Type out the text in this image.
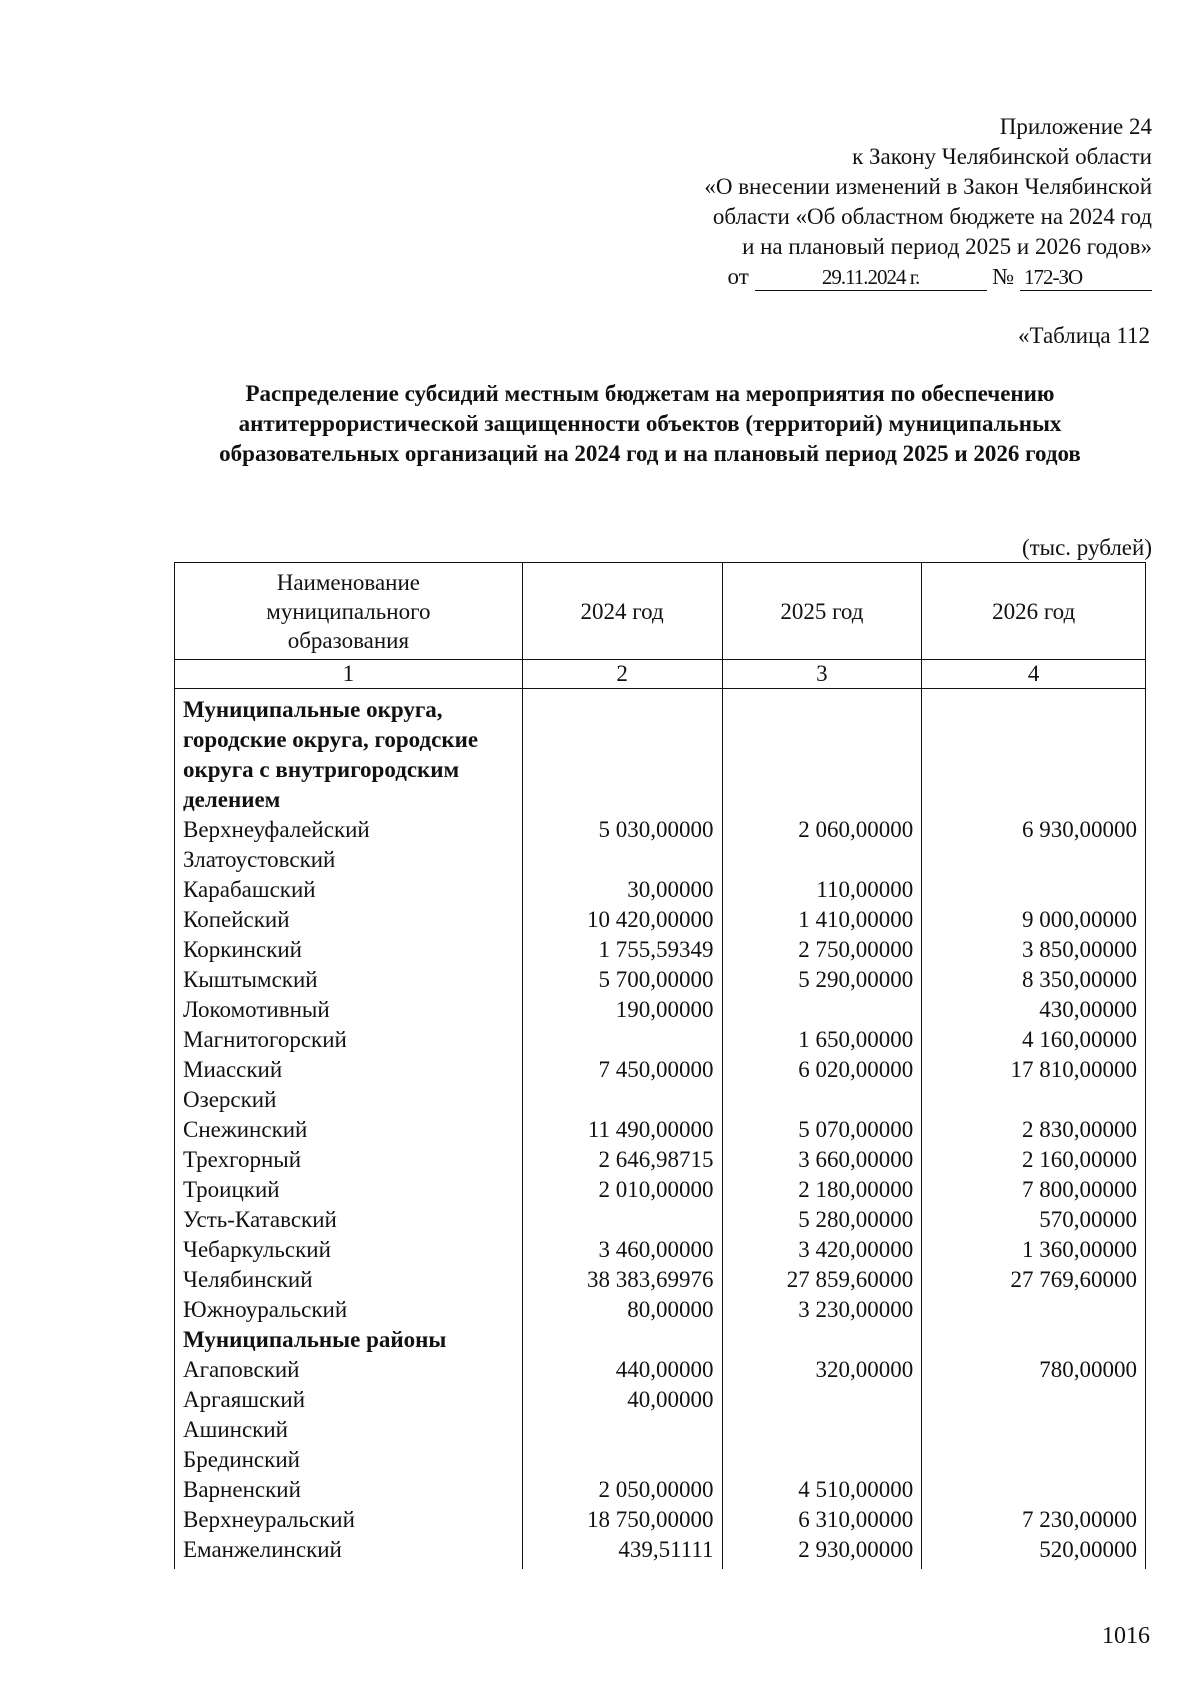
Приложение 24
к Закону Челябинской области
«О внесении изменений в Закон Челябинской
области «Об областном бюджете на 2024 год
и на плановый период 2025 и 2026 годов»
от	29.11.2024 г.	№ 172-ЗО
«Таблица 112
Распределение субсидий местным бюджетам на мероприятия по обеспечению антитеррористической защищенности объектов (территорий) муниципальных образовательных организаций на 2024 год и на плановый период 2025 и 2026 годов
(тыс. рублей)
Наименование муниципального образования	2024 год	2025 год	2026 год
1	2	3	4
Муниципальные округа, городские округа, городские округа с внутригородским делением			
Верхнеуфалейский	5 030,00000	2 060,00000	6 930,00000
Златоустовский			
Карабашский	30,00000	110,00000	
Копейский	10 420,00000	1 410,00000	9 000,00000
Коркинский	1 755,59349	2 750,00000	3 850,00000
Кыштымский	5 700,00000	5 290,00000	8 350,00000
Локомотивный	190,00000		430,00000
Магнитогорский		1 650,00000	4 160,00000
Миасский	7 450,00000	6 020,00000	17 810,00000
Озерский			
Снежинский	11 490,00000	5 070,00000	2 830,00000
Трехгорный	2 646,98715	3 660,00000	2 160,00000
Троицкий	2 010,00000	2 180,00000	7 800,00000
Усть-Катавский		5 280,00000	570,00000
Чебаркульский	3 460,00000	3 420,00000	1 360,00000
Челябинский	38 383,69976	27 859,60000	27 769,60000
Южноуральский	80,00000	3 230,00000	
Муниципальные районы			
Агаповский	440,00000	320,00000	780,00000
Аргаяшский	40,00000		
Ашинский			
Брединский			
Варненский	2 050,00000	4 510,00000	
Верхнеуральский	18 750,00000	6 310,00000	7 230,00000
Еманжелинский	439,51111	2 930,00000	520,00000
1016
